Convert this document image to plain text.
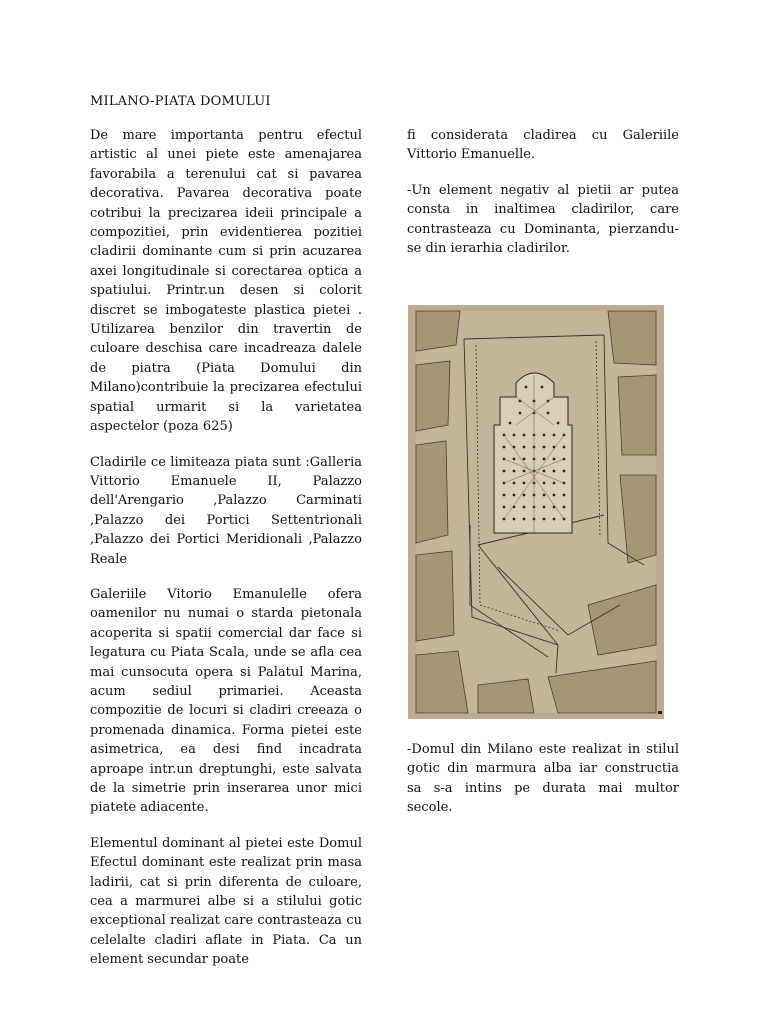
MILANO-PIATA DOMULUI

De mare importanta pentru efectul artistic al unei piete este amenajarea favorabila a terenului cat si pavarea decorativa. Pavarea decorativa poate cotribui la precizarea ideii principale a compozitiei, prin evidentierea pozitiei cladirii dominante cum si prin acuzarea axei longitudinale si corectarea optica a spatiului. Printr.un desen si colorit discret se imbogateste plastica pietei . Utilizarea benzilor din travertin de culoare deschisa care incadreaza dalele de piatra (Piata Domului din Milano)contribuie la precizarea efectului spatial urmarit si la varietatea aspectelor (poza 625)

Cladirile ce limiteaza piata sunt :Galleria Vittorio Emanuele II, Palazzo dell'Arengario ,Palazzo Carminati ,Palazzo dei Portici Settentrionali ,Palazzo dei Portici Meridionali ,Palazzo Reale

Galeriile Vitorio Emanulelle ofera oamenilor nu numai o starda pietonala acoperita si spatii comercial dar face si legatura cu Piata Scala, unde se afla cea mai cunsocuta opera si Palatul Marina, acum sediul primariei. Aceasta compozitie de locuri si cladiri creeaza o promenada dinamica. Forma pietei este asimetrica, ea desi find incadrata aproape intr.un dreptunghi, este salvata de la simetrie prin inserarea unor mici piatete adiacente.

Elementul dominant al pietei este Domul Efectul dominant este realizat prin masa ladirii, cat si prin diferenta de culoare, cea a marmurei albe si a stilului gotic exceptional realizat care contrasteaza cu celelalte cladiri aflate in Piata. Ca un element secundar poate

fi considerata cladirea cu Galeriile Vittorio Emanuelle.

-Un element negativ al pietii ar putea consta in inaltimea cladirilor, care contrasteaza cu Dominanta, pierzandu-se din ierarhia cladirilor.

-Domul din Milano este realizat in stilul gotic din marmura alba iar constructia sa s-a intins pe durata mai multor secole.
